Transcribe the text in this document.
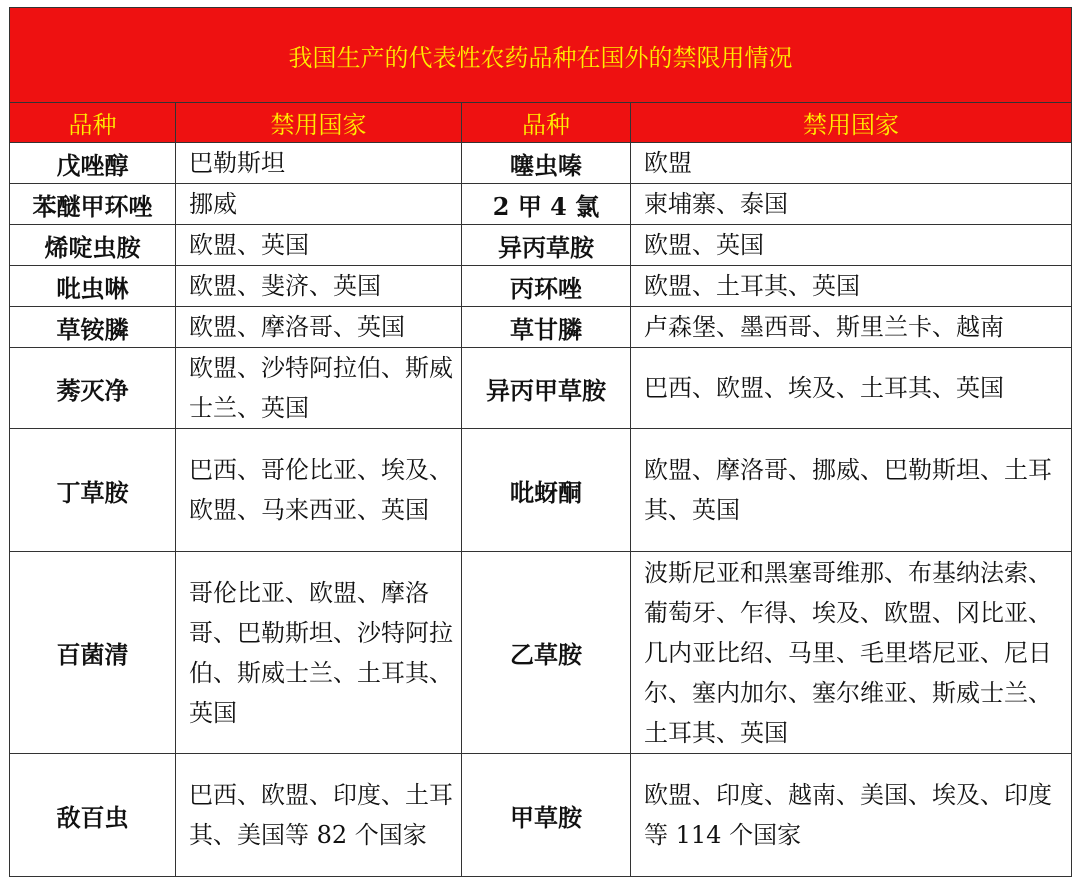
我国生产的代表性农药品种在国外的禁限用情况			
品种	禁用国家	品种	禁用国家
戊唑醇	巴勒斯坦	噻虫嗪	欧盟
苯醚甲环唑	挪威	2 甲 4 氯	柬埔寨、泰国
烯啶虫胺	欧盟、英国	异丙草胺	欧盟、英国
吡虫啉	欧盟、斐济、英国	丙环唑	欧盟、土耳其、英国
草铵膦	欧盟、摩洛哥、英国	草甘膦	卢森堡、墨西哥、斯里兰卡、越南
莠灭净	欧盟、沙特阿拉伯、斯威士兰、英国	异丙甲草胺	巴西、欧盟、埃及、土耳其、英国
丁草胺	巴西、哥伦比亚、埃及、欧盟、马来西亚、英国	吡蚜酮	欧盟、摩洛哥、挪威、巴勒斯坦、土耳其、英国
百菌清	哥伦比亚、欧盟、摩洛哥、巴勒斯坦、沙特阿拉伯、斯威士兰、土耳其、英国	乙草胺	波斯尼亚和黑塞哥维那、布基纳法索、葡萄牙、乍得、埃及、欧盟、冈比亚、几内亚比绍、马里、毛里塔尼亚、尼日尔、塞内加尔、塞尔维亚、斯威士兰、土耳其、英国
敌百虫	巴西、欧盟、印度、土耳其、美国等 82 个国家	甲草胺	欧盟、印度、越南、美国、埃及、印度等 114 个国家
